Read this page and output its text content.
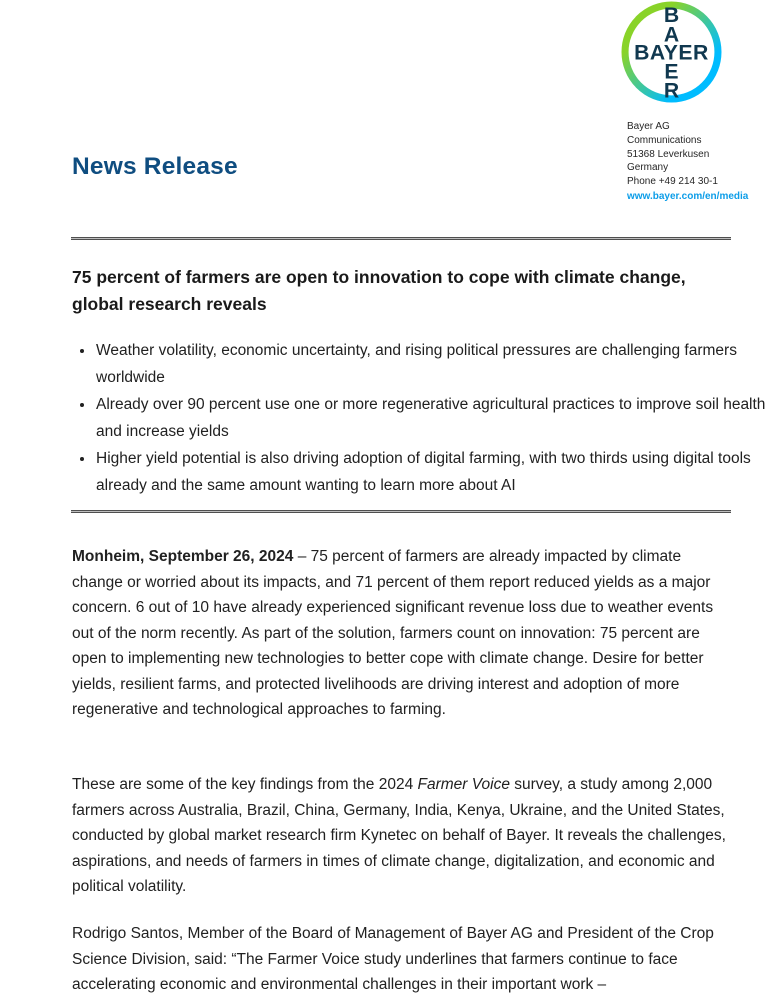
B
A
BAYER
E
R
Bayer AG
Communications
51368 Leverkusen
Germany
Phone +49 214 30-1
www.bayer.com/en/media
News Release
75 percent of farmers are open to innovation to cope with climate change, global research reveals
• Weather volatility, economic uncertainty, and rising political pressures are challenging farmers worldwide
• Already over 90 percent use one or more regenerative agricultural practices to improve soil health and increase yields
• Higher yield potential is also driving adoption of digital farming, with two thirds using digital tools already and the same amount wanting to learn more about AI

Monheim, September 26, 2024 – 75 percent of farmers are already impacted by climate change or worried about its impacts, and 71 percent of them report reduced yields as a major concern. 6 out of 10 have already experienced significant revenue loss due to weather events out of the norm recently. As part of the solution, farmers count on innovation: 75 percent are open to implementing new technologies to better cope with climate change. Desire for better yields, resilient farms, and protected livelihoods are driving interest and adoption of more regenerative and technological approaches to farming.

These are some of the key findings from the 2024 Farmer Voice survey, a study among 2,000 farmers across Australia, Brazil, China, Germany, India, Kenya, Ukraine, and the United States, conducted by global market research firm Kynetec on behalf of Bayer. It reveals the challenges, aspirations, and needs of farmers in times of climate change, digitalization, and economic and political volatility.

Rodrigo Santos, Member of the Board of Management of Bayer AG and President of the Crop Science Division, said: “The Farmer Voice study underlines that farmers continue to face accelerating economic and environmental challenges in their important work –
